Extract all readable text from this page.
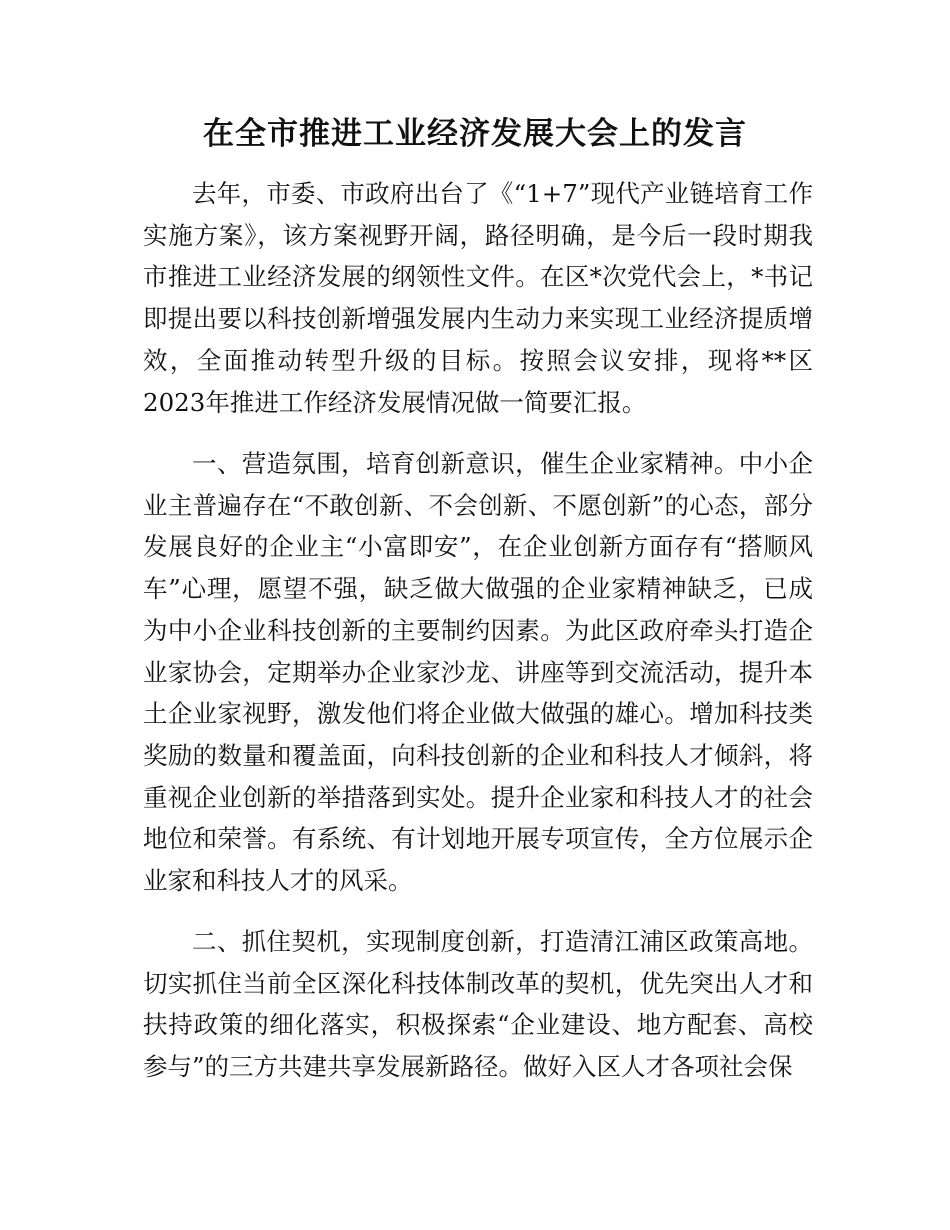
在全市推进工业经济发展大会上的发言

去年，市委、市政府出台了《“1+7”现代产业链培育工作实施方案》，该方案视野开阔，路径明确，是今后一段时期我市推进工业经济发展的纲领性文件。在区*次党代会上，*书记即提出要以科技创新增强发展内生动力来实现工业经济提质增效，全面推动转型升级的目标。按照会议安排，现将**区2023年推进工作经济发展情况做一简要汇报。

一、营造氛围，培育创新意识，催生企业家精神。中小企业主普遍存在“不敢创新、不会创新、不愿创新”的心态，部分发展良好的企业主“小富即安”，在企业创新方面存有“搭顺风车”心理，愿望不强，缺乏做大做强的企业家精神缺乏，已成为中小企业科技创新的主要制约因素。为此区政府牵头打造企业家协会，定期举办企业家沙龙、讲座等到交流活动，提升本土企业家视野，激发他们将企业做大做强的雄心。增加科技类奖励的数量和覆盖面，向科技创新的企业和科技人才倾斜，将重视企业创新的举措落到实处。提升企业家和科技人才的社会地位和荣誉。有系统、有计划地开展专项宣传，全方位展示企业家和科技人才的风采。

二、抓住契机，实现制度创新，打造清江浦区政策高地。切实抓住当前全区深化科技体制改革的契机，优先突出人才和扶持政策的细化落实，积极探索“企业建设、地方配套、高校参与”的三方共建共享发展新路径。做好入区人才各项社会保
